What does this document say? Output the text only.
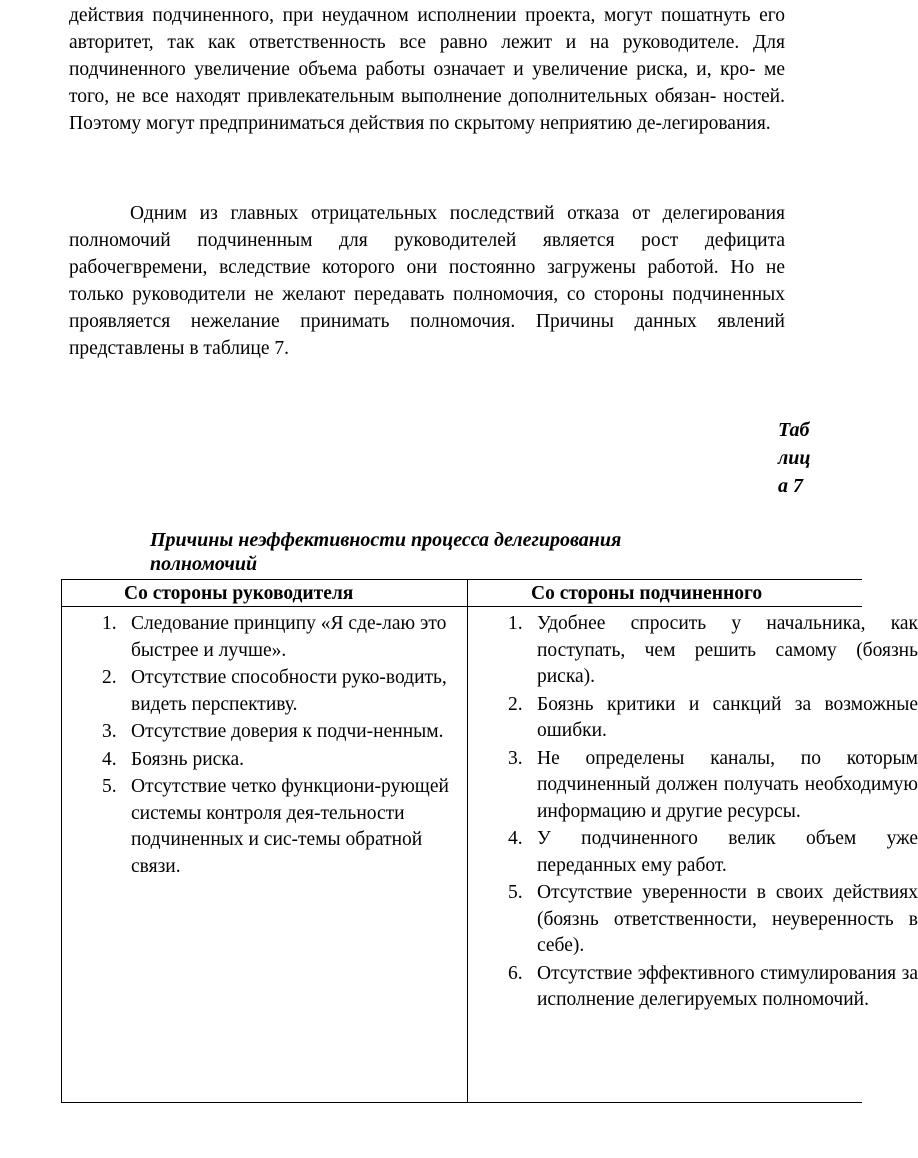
действия подчиненного, при неудачном исполнении проекта, могут пошатнуть его авторитет, так как ответственность все равно лежит и на руководителе. Для подчиненного увеличение объема работы означает и увеличение риска, и, кро- ме того, не все находят привлекательным выполнение дополнительных обязан- ностей. Поэтому могут предприниматься действия по скрытому неприятию де-легирования.

Одним из главных отрицательных последствий отказа от делегирования полномочий подчиненным для руководителей является рост дефицита рабочегвремени, вследствие которого они постоянно загружены работой. Но не только руководители не желают передавать полномочия, со стороны подчиненных проявляется нежелание принимать полномочия. Причины данных явлений представлены в таблице 7.

Таблица 7
Причины неэффективности процесса делегирования полномочий
Со стороны руководителя	Со стороны подчиненного
1. Следование принципу «Я сде-лаю это быстрее и лучше».
2. Отсутствие способности руко-водить, видеть перспективу.
3. Отсутствие доверия к подчи-ненным.
4. Боязнь риска.
5. Отсутствие четко функциони-рующей системы контроля дея-тельности подчиненных и сис-темы обратной связи.
1. Удобнее спросить у начальника, как поступать, чем решить самому (боязнь риска).
2. Боязнь критики и санкций за возможные ошибки.
3. Не определены каналы, по которым подчиненный должен получать необходимую информацию и другие ресурсы.
4. У подчиненного велик объем уже переданных ему работ.
5. Отсутствие уверенности в своих действиях (боязнь ответственности, неуверенность в себе).
6. Отсутствие эффективного стимулирования за исполнение делегируемых полномочий.
